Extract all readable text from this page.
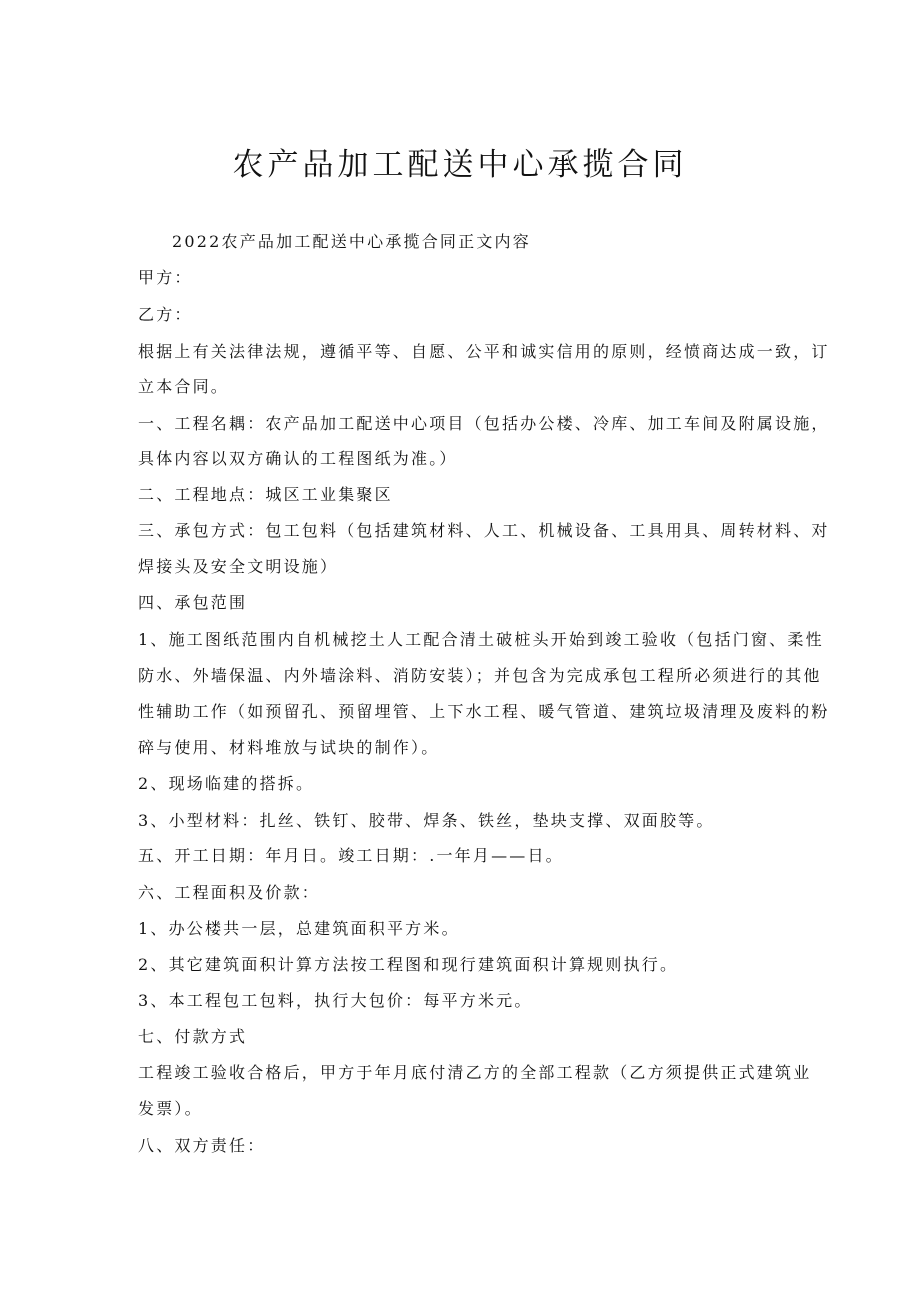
农产品加工配送中心承揽合同
2022农产品加工配送中心承揽合同正文内容
甲方：
乙方：
根据上有关法律法规，遵循平等、自愿、公平和诚实信用的原则，经愤商达成一致，订
立本合同。
一、工程名耦：农产品加工配送中心项目（包括办公楼、冷库、加工车间及附属设施，
具体内容以双方确认的工程图纸为准。）
二、工程地点：城区工业集聚区
三、承包方式：包工包料（包括建筑材料、人工、机械设备、工具用具、周转材料、对
焊接头及安全文明设施）
四、承包范围
1、施工图纸范围内自机械挖土人工配合清土破桩头开始到竣工验收（包括门窗、柔性
防水、外墙保温、内外墙涂料、消防安装）；并包含为完成承包工程所必须进行的其他
性辅助工作（如预留孔、预留埋管、上下水工程、暖气管道、建筑垃圾清理及废料的粉
碎与使用、材料堆放与试块的制作）。
2、现场临建的搭拆。
3、小型材料：扎丝、铁钉、胶带、焊条、铁丝，垫块支撑、双面胶等。
五、开工日期：年月日。竣工日期：.一年月——日。
六、工程面积及价款：
1、办公楼共一层，总建筑面积平方米。
2、其它建筑面积计算方法按工程图和现行建筑面积计算规则执行。
3、本工程包工包料，执行大包价：每平方米元。
七、付款方式
工程竣工验收合格后，甲方于年月底付清乙方的全部工程款（乙方须提供正式建筑业
发票）。
八、双方责任：
